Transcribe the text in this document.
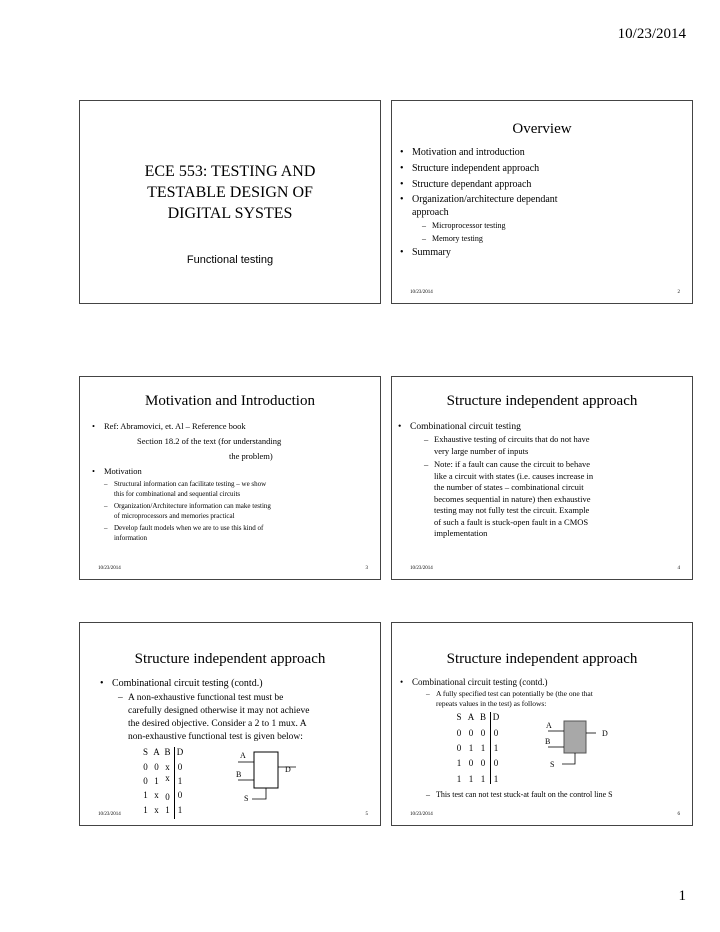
10/23/2014
ECE 553: TESTING AND
TESTABLE DESIGN OF
DIGITAL SYSTES
Functional testing
Overview
• Motivation and introduction
• Structure independent approach
• Structure dependant approach
• Organization/architecture dependant
approach
– Microprocessor testing
– Memory testing
• Summary
10/23/2014	2
Motivation and Introduction
• Ref: Abramovici, et. Al – Reference book
Section 18.2 of the text (for understanding
the problem)
• Motivation
– Structural information can facilitate testing – we show
this for combinational and sequential circuits
– Organization/Architecture information can make testing
of microprocessors and memories practical
– Develop fault models when we are to use this kind of
information
10/23/2014	3
Structure independent approach
• Combinational circuit testing
– Exhaustive testing of circuits that do not have
very large number of inputs
– Note: if a fault can cause the circuit to behave
like a circuit with states (i.e. causes increase in
the number of states – combinational circuit
becomes sequential in nature) then exhaustive
testing may not fully test the circuit. Example
of such a fault is stuck-open fault in a CMOS
implementation
10/23/2014	4
Structure independent approach
• Combinational circuit testing (contd.)
– A non-exhaustive functional test must be
carefully designed otherwise it may not achieve
the desired objective. Consider a 2 to 1 mux. A
non-exhaustive functional test is given below:
S A B D
0 0 x 0
0 1 x 1
1 x 0 0
1 x 1 1
A
B
S
D
10/23/2014	5
Structure independent approach
• Combinational circuit testing (contd.)
– A fully specified test can potentially be (the one that
repeats values in the test) as follows:
S A B D
0 0 0 0
0 1 1 1
1 0 0 0
1 1 1 1
A
B
S
D
– This test can not test stuck-at fault on the control line S
10/23/2014	6
1
